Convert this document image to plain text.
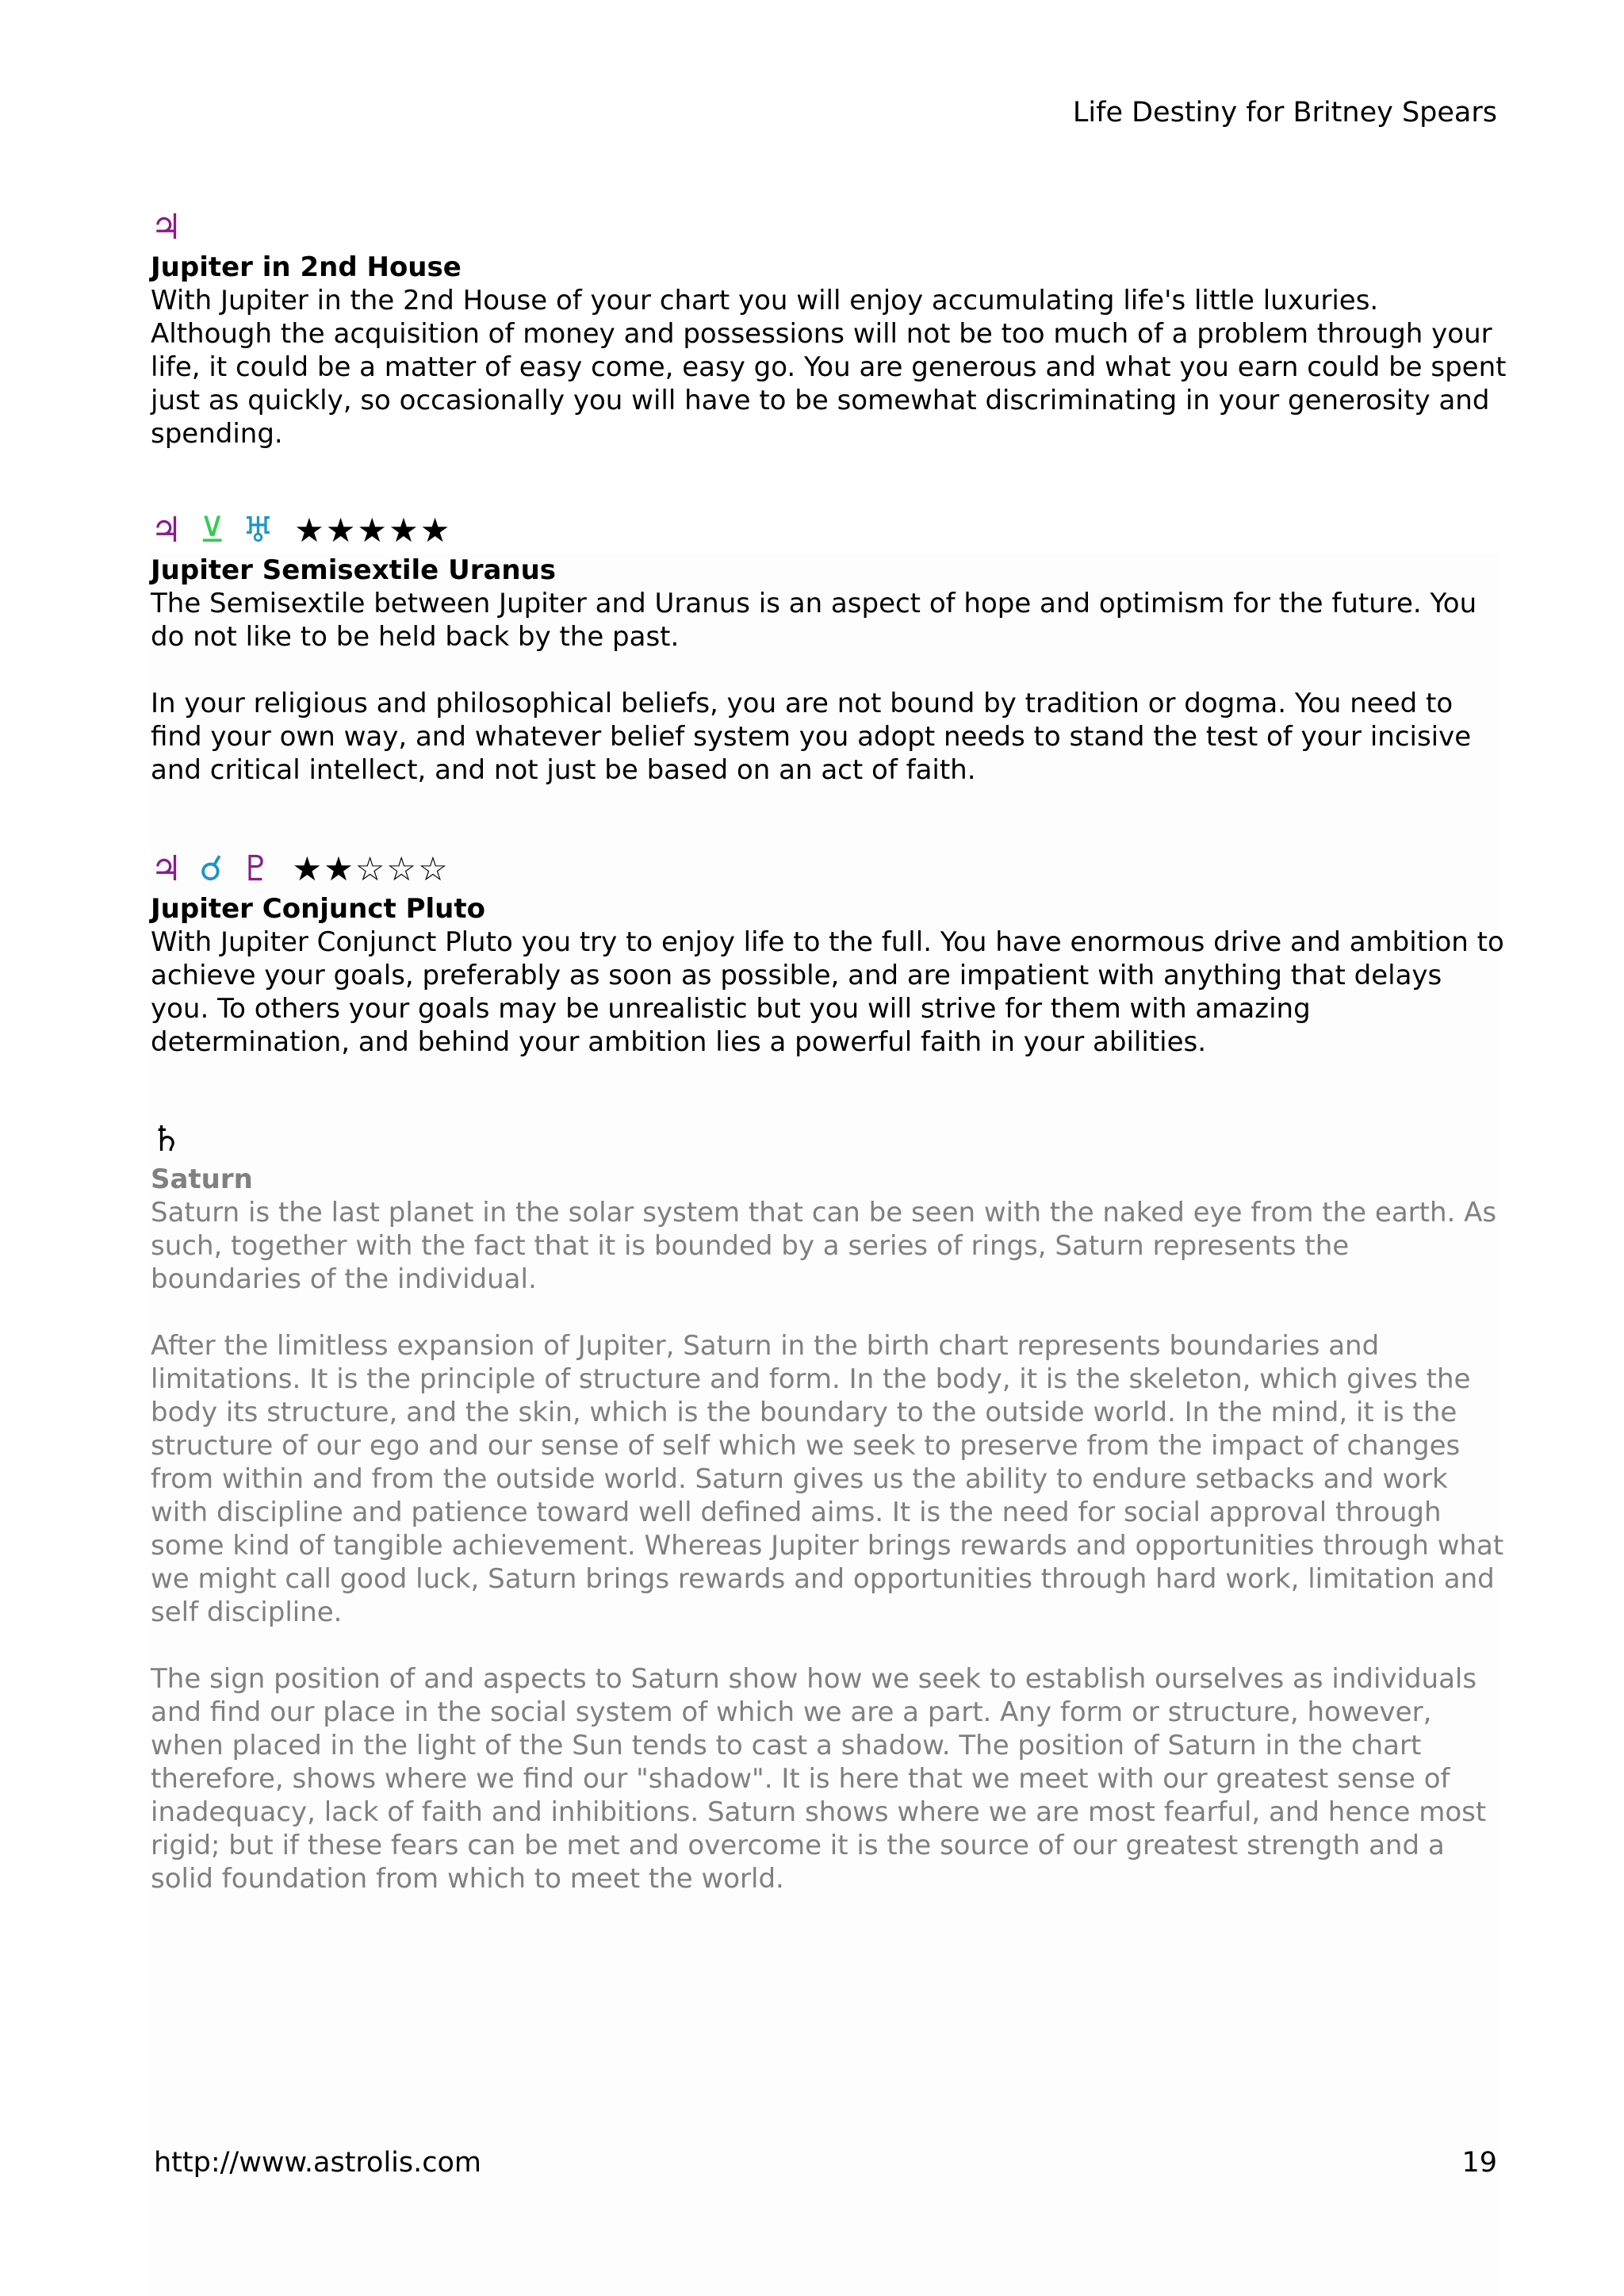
Life Destiny for Britney Spears
♃

Jupiter in 2nd House

With Jupiter in the 2nd House of your chart you will enjoy accumulating life's little luxuries. Although the acquisition of money and possessions will not be too much of a problem through your life, it could be a matter of easy come, easy go. You are generous and what you earn could be spent just as quickly, so occasionally you will have to be somewhat discriminating in your generosity and spending.

♃ ⊻ ♅ ★★★★★

Jupiter Semisextile Uranus

The Semisextile between Jupiter and Uranus is an aspect of hope and optimism for the future. You do not like to be held back by the past.

In your religious and philosophical beliefs, you are not bound by tradition or dogma. You need to find your own way, and whatever belief system you adopt needs to stand the test of your incisive and critical intellect, and not just be based on an act of faith.

♃ ☌ ♇ ★★☆☆☆

Jupiter Conjunct Pluto

With Jupiter Conjunct Pluto you try to enjoy life to the full. You have enormous drive and ambition to achieve your goals, preferably as soon as possible, and are impatient with anything that delays you. To others your goals may be unrealistic but you will strive for them with amazing determination, and behind your ambition lies a powerful faith in your abilities.

♄

Saturn

Saturn is the last planet in the solar system that can be seen with the naked eye from the earth. As such, together with the fact that it is bounded by a series of rings, Saturn represents the boundaries of the individual.

After the limitless expansion of Jupiter, Saturn in the birth chart represents boundaries and limitations. It is the principle of structure and form. In the body, it is the skeleton, which gives the body its structure, and the skin, which is the boundary to the outside world. In the mind, it is the structure of our ego and our sense of self which we seek to preserve from the impact of changes from within and from the outside world. Saturn gives us the ability to endure setbacks and work with discipline and patience toward well defined aims. It is the need for social approval through some kind of tangible achievement. Whereas Jupiter brings rewards and opportunities through what we might call good luck, Saturn brings rewards and opportunities through hard work, limitation and self discipline.

The sign position of and aspects to Saturn show how we seek to establish ourselves as individuals and find our place in the social system of which we are a part. Any form or structure, however, when placed in the light of the Sun tends to cast a shadow. The position of Saturn in the chart therefore, shows where we find our "shadow". It is here that we meet with our greatest sense of inadequacy, lack of faith and inhibitions. Saturn shows where we are most fearful, and hence most rigid; but if these fears can be met and overcome it is the source of our greatest strength and a solid foundation from which to meet the world.

http://www.astrolis.com	19
